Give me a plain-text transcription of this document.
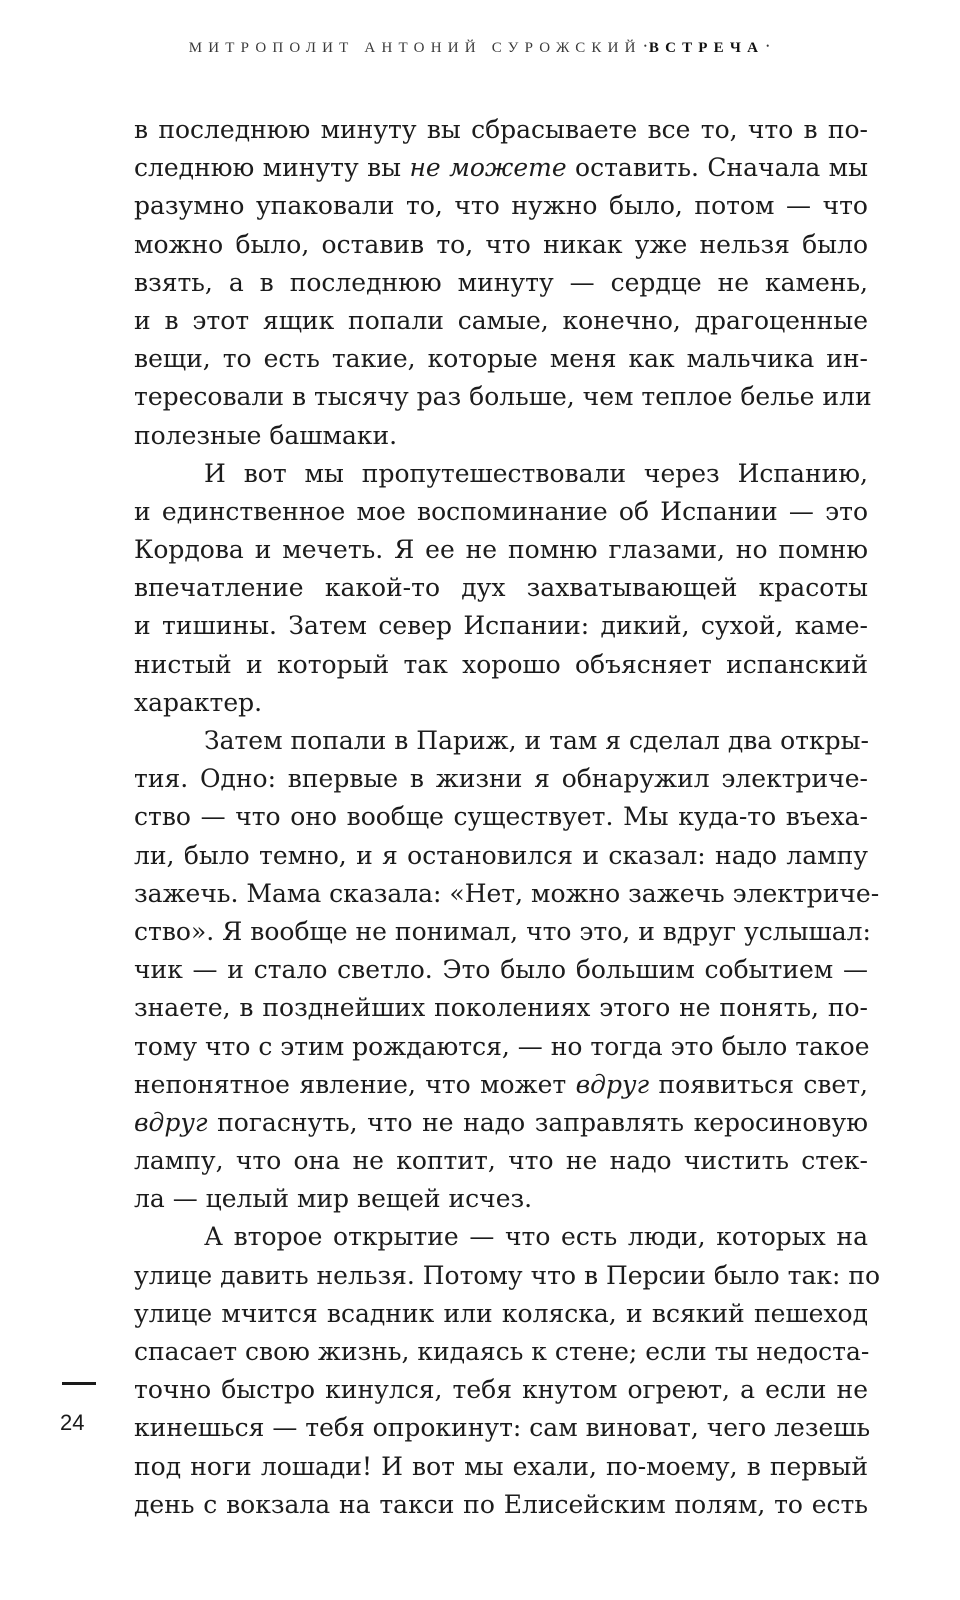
МИТРОПОЛИТ АНТОНИЙ СУРОЖСКИЙ • ВСТРЕЧА •
в последнюю минуту вы сбрасываете все то, что в по-
следнюю минуту вы не можете оставить. Сначала мы
разумно упаковали то, что нужно было, потом — что
можно было, оставив то, что никак уже нельзя было
взять, а в последнюю минуту — сердце не камень,
и в этот ящик попали самые, конечно, драгоценные
вещи, то есть такие, которые меня как мальчика ин-
тересовали в тысячу раз больше, чем теплое белье или
полезные башмаки.
И вот мы пропутешествовали через Испанию,
и единственное мое воспоминание об Испании — это
Кордова и мечеть. Я ее не помню глазами, но помню
впечатление какой-то дух захватывающей красоты
и тишины. Затем север Испании: дикий, сухой, каме-
нистый и который так хорошо объясняет испанский
характер.
Затем попали в Париж, и там я сделал два откры-
тия. Одно: впервые в жизни я обнаружил электриче-
ство — что оно вообще существует. Мы куда-то въеха-
ли, было темно, и я остановился и сказал: надо лампу
зажечь. Мама сказала: «Нет, можно зажечь электриче-
ство». Я вообще не понимал, что это, и вдруг услышал:
чик — и стало светло. Это было большим событием —
знаете, в позднейших поколениях этого не понять, по-
тому что с этим рождаются, — но тогда это было такое
непонятное явление, что может вдруг появиться свет,
вдруг погаснуть, что не надо заправлять керосиновую
лампу, что она не коптит, что не надо чистить стек-
ла — целый мир вещей исчез.
А второе открытие — что есть люди, которых на
улице давить нельзя. Потому что в Персии было так: по
улице мчится всадник или коляска, и всякий пешеход
спасает свою жизнь, кидаясь к стене; если ты недоста-
точно быстро кинулся, тебя кнутом огреют, а если не
кинешься — тебя опрокинут: сам виноват, чего лезешь
под ноги лошади! И вот мы ехали, по-моему, в первый
день с вокзала на такси по Елисейским полям, то есть
24
